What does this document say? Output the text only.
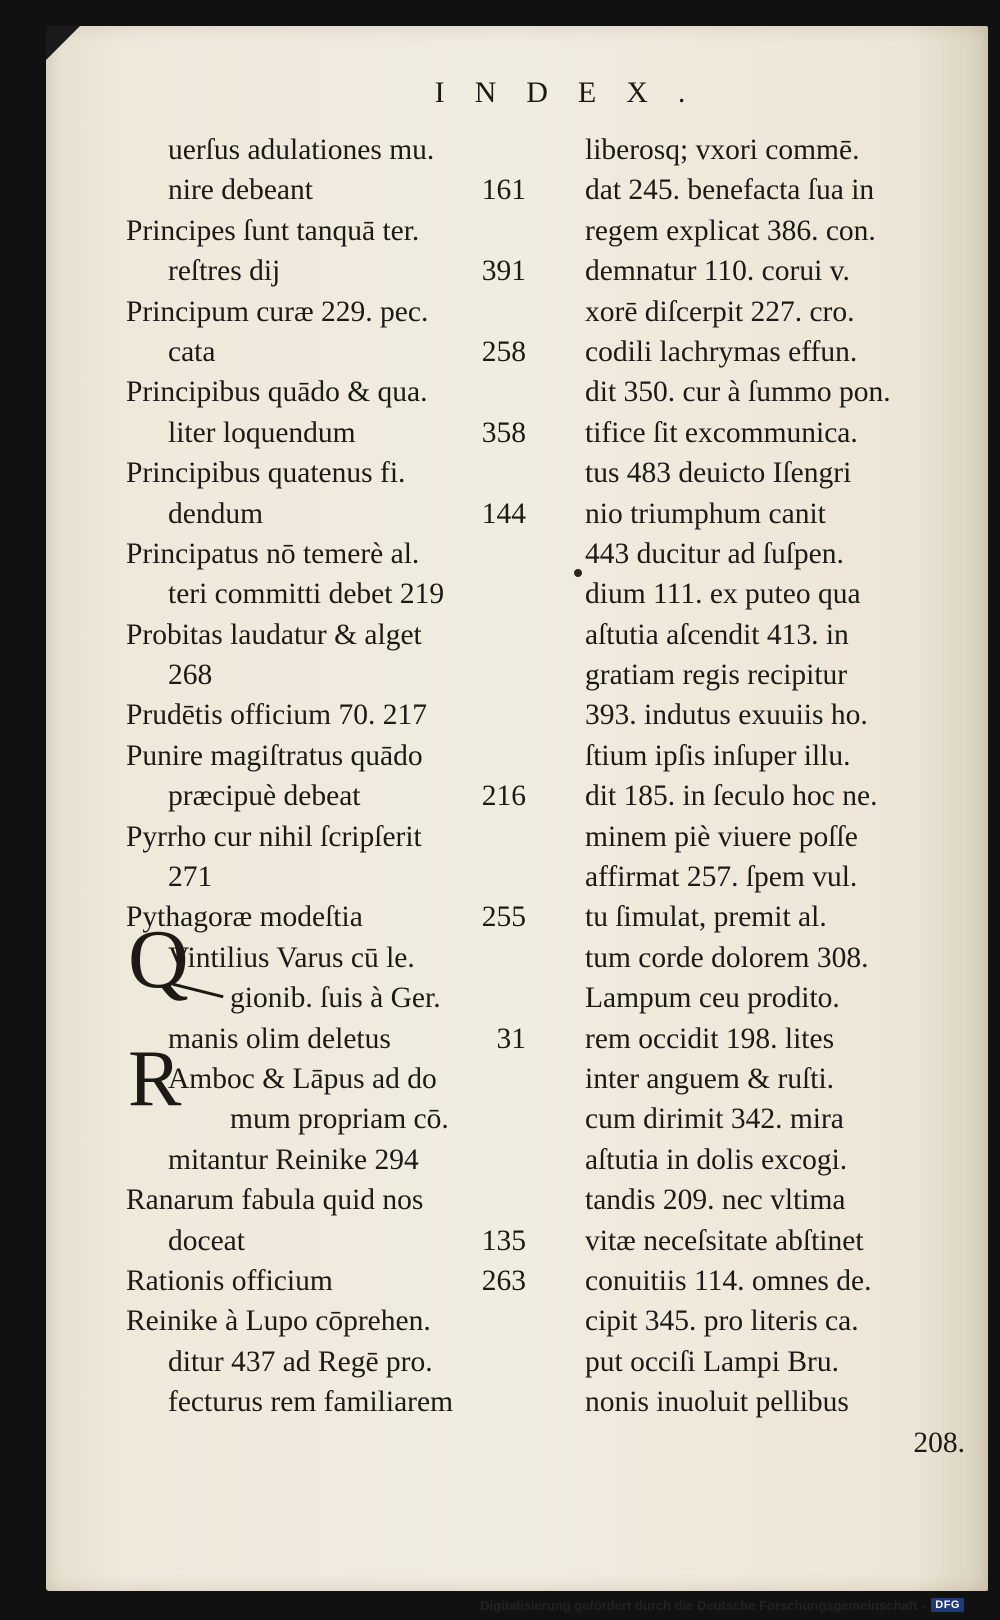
INDEX.
Q
R
uerſus adulationes mu.
nire debeant	161
Principes ſunt tanquā ter.
reſtres dij	391
Principum curæ 229. pec.
cata	258
Principibus quādo & qua.
liter loquendum	358
Principibus quatenus fi.
dendum	144
Principatus nō temerè al.
teri committi debet 219
Probitas laudatur & alget
268
Prudētis officium 70. 217
Punire magiſtratus quādo
præcipuè debeat	216
Pyrrho cur nihil ſcripſerit
271
Pythagoræ modeſtia	255
Vintilius Varus cū le.
gionib. ſuis à Ger.
manis olim deletus	31
Amboc & Lāpus ad do
mum propriam cō.
mitantur Reinike 294
Ranarum fabula quid nos
doceat	135
Rationis officium	263
Reinike à Lupo cōprehen.
ditur 437 ad Regē pro.
fecturus rem familiarem
liberosq; vxori commē.
dat 245. benefacta ſua in
regem explicat 386. con.
demnatur 110. corui v.
xorē diſcerpit 227. cro.
codili lachrymas effun.
dit 350. cur à ſummo pon.
tifice ſit excommunica.
tus 483 deuicto Iſengri
nio triumphum canit
443 ducitur ad ſuſpen.
dium 111. ex puteo qua
aſtutia aſcendit 413. in
gratiam regis recipitur
393. indutus exuuiis ho.
ſtium ipſis inſuper illu.
dit 185. in ſeculo hoc ne.
minem piè viuere poſſe
affirmat 257. ſpem vul.
tu ſimulat, premit al.
tum corde dolorem 308.
Lampum ceu prodito.
rem occidit 198. lites
inter anguem & ruſti.
cum dirimit 342. mira
aſtutia in dolis excogi.
tandis 209. nec vltima
vitæ neceſsitate abſtinet
conuitiis 114. omnes de.
cipit 345. pro literis ca.
put occiſi Lampi Bru.
nonis inuoluit pellibus
208.
Digitalisierung gefördert durch die Deutsche Forschungsgemeinschaft - DFG
